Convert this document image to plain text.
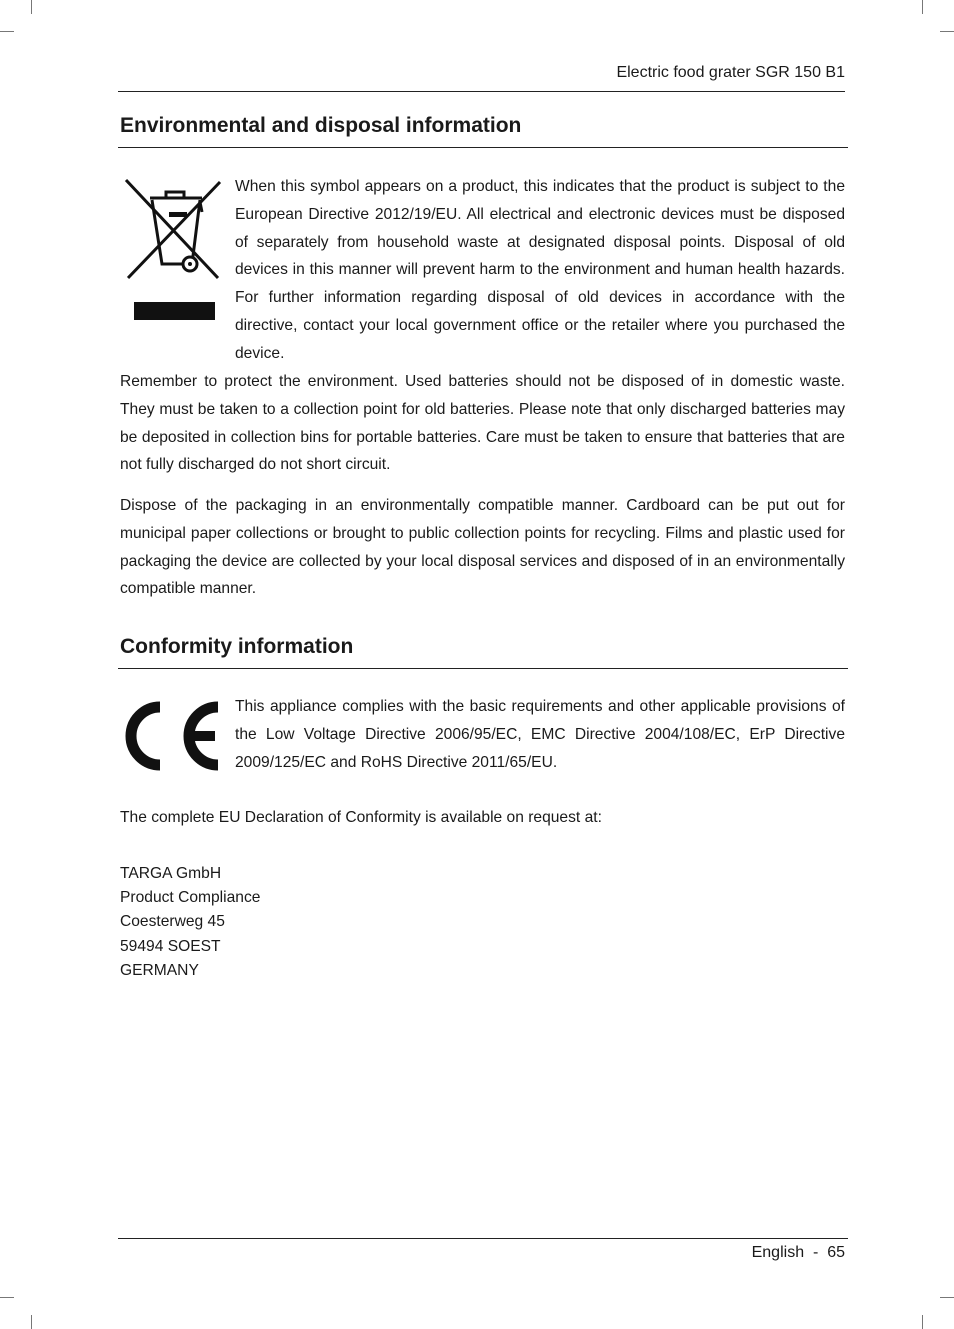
Electric food grater SGR 150 B1
Environmental and disposal information

When this symbol appears on a product, this indicates that the product is subject to the European Directive 2012/19/EU. All electrical and electronic devices must be disposed of separately from household waste at designated disposal points. Disposal of old devices in this manner will prevent harm to the environment and human health hazards. For further information regarding disposal of old devices in accordance with the directive, contact your local government office or the retailer where you purchased the device.

Remember to protect the environment. Used batteries should not be disposed of in domestic waste. They must be taken to a collection point for old batteries. Please note that only discharged batteries may be deposited in collection bins for portable batteries. Care must be taken to ensure that batteries that are not fully discharged do not short circuit.

Dispose of the packaging in an environmentally compatible manner. Cardboard can be put out for municipal paper collections or brought to public collection points for recycling. Films and plastic used for packaging the device are collected by your local disposal services and disposed of in an environmentally compatible manner.

Conformity information

This appliance complies with the basic requirements and other applicable provisions of the Low Voltage Directive 2006/95/EC, EMC Directive 2004/108/EC, ErP Directive 2009/125/EC and RoHS Directive 2011/65/EU.

The complete EU Declaration of Conformity is available on request at:

TARGA GmbH
Product Compliance
Coesterweg 45
59494 SOEST
GERMANY
English - 65
